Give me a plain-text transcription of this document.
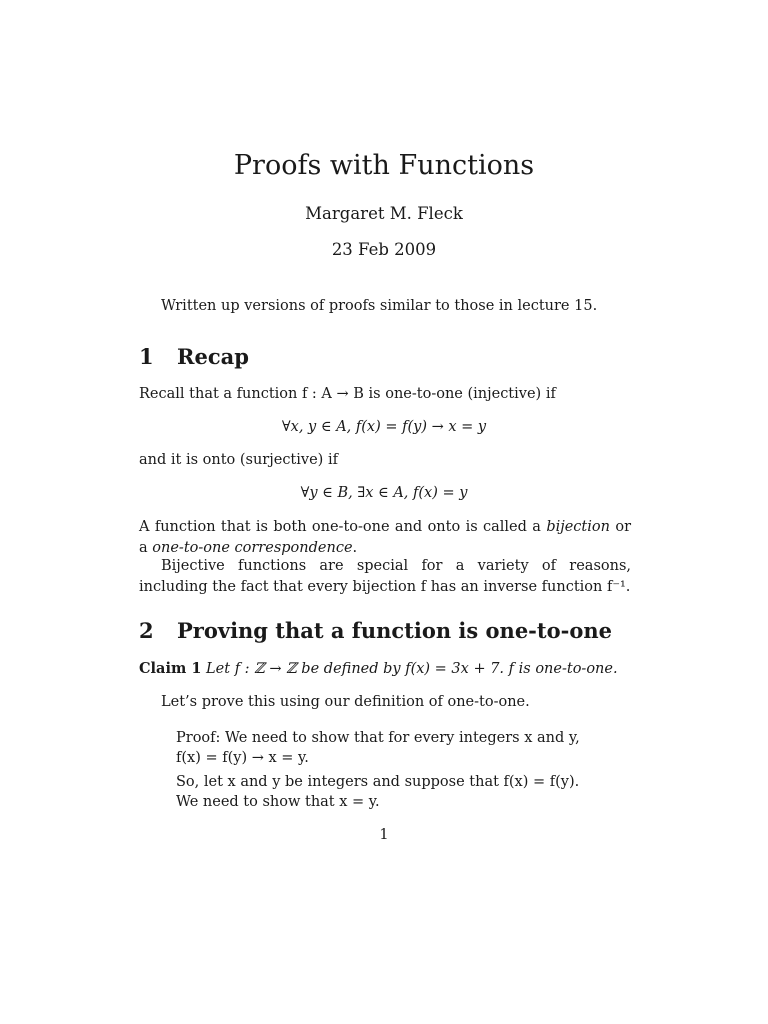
Proofs with Functions
Margaret M. Fleck
23 Feb 2009
Written up versions of proofs similar to those in lecture 15.
1 Recap
Recall that a function f : A → B is one-to-one (injective) if
∀x, y ∈ A, f(x) = f(y) → x = y
and it is onto (surjective) if
∀y ∈ B, ∃x ∈ A, f(x) = y
A function that is both one-to-one and onto is called a bijection or a one-to-one correspondence.
Bijective functions are special for a variety of reasons, including the fact that every bijection f has an inverse function f⁻¹.
2 Proving that a function is one-to-one
Claim 1 Let f : ℤ → ℤ be defined by f(x) = 3x + 7. f is one-to-one.
Let’s prove this using our definition of one-to-one.
Proof: We need to show that for every integers x and y, f(x) = f(y) → x = y.
So, let x and y be integers and suppose that f(x) = f(y). We need to show that x = y.
1
